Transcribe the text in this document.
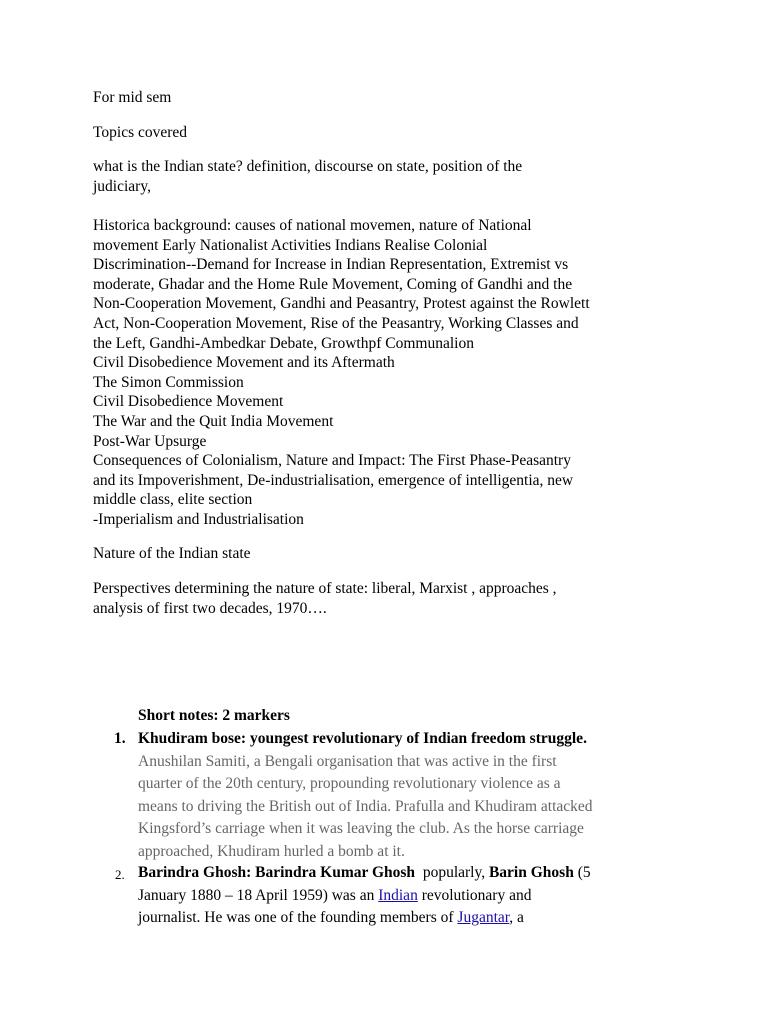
For mid sem

Topics covered

what is the Indian state? definition, discourse on state, position of the
judiciary,
Historica background: causes of national movemen, nature of National
movement Early Nationalist Activities Indians Realise Colonial
Discrimination--Demand for Increase in Indian Representation, Extremist vs
moderate, Ghadar and the Home Rule Movement, Coming of Gandhi and the
Non-Cooperation Movement, Gandhi and Peasantry, Protest against the Rowlett
Act, Non-Cooperation Movement, Rise of the Peasantry, Working Classes and
the Left, Gandhi-Ambedkar Debate, Growthpf Communalion
Civil Disobedience Movement and its Aftermath
The Simon Commission
Civil Disobedience Movement
The War and the Quit India Movement
Post-War Upsurge
Consequences of Colonialism, Nature and Impact: The First Phase-Peasantry
and its Impoverishment, De-industrialisation, emergence of intelligentia, new
middle class, elite section
-Imperialism and Industrialisation

Nature of the Indian state

Perspectives determining the nature of state: liberal, Marxist , approaches ,
analysis of first two decades, 1970….
Short notes: 2 markers
1. Khudiram bose: youngest revolutionary of Indian freedom struggle.
Anushilan Samiti, a Bengali organisation that was active in the first
quarter of the 20th century, propounding revolutionary violence as a
means to driving the British out of India. Prafulla and Khudiram attacked
Kingsford’s carriage when it was leaving the club. As the horse carriage
approached, Khudiram hurled a bomb at it.
2. Barindra Ghosh: Barindra Kumar Ghosh  popularly, Barin Ghosh (5
January 1880 – 18 April 1959) was an Indian revolutionary and
journalist. He was one of the founding members of Jugantar, a
